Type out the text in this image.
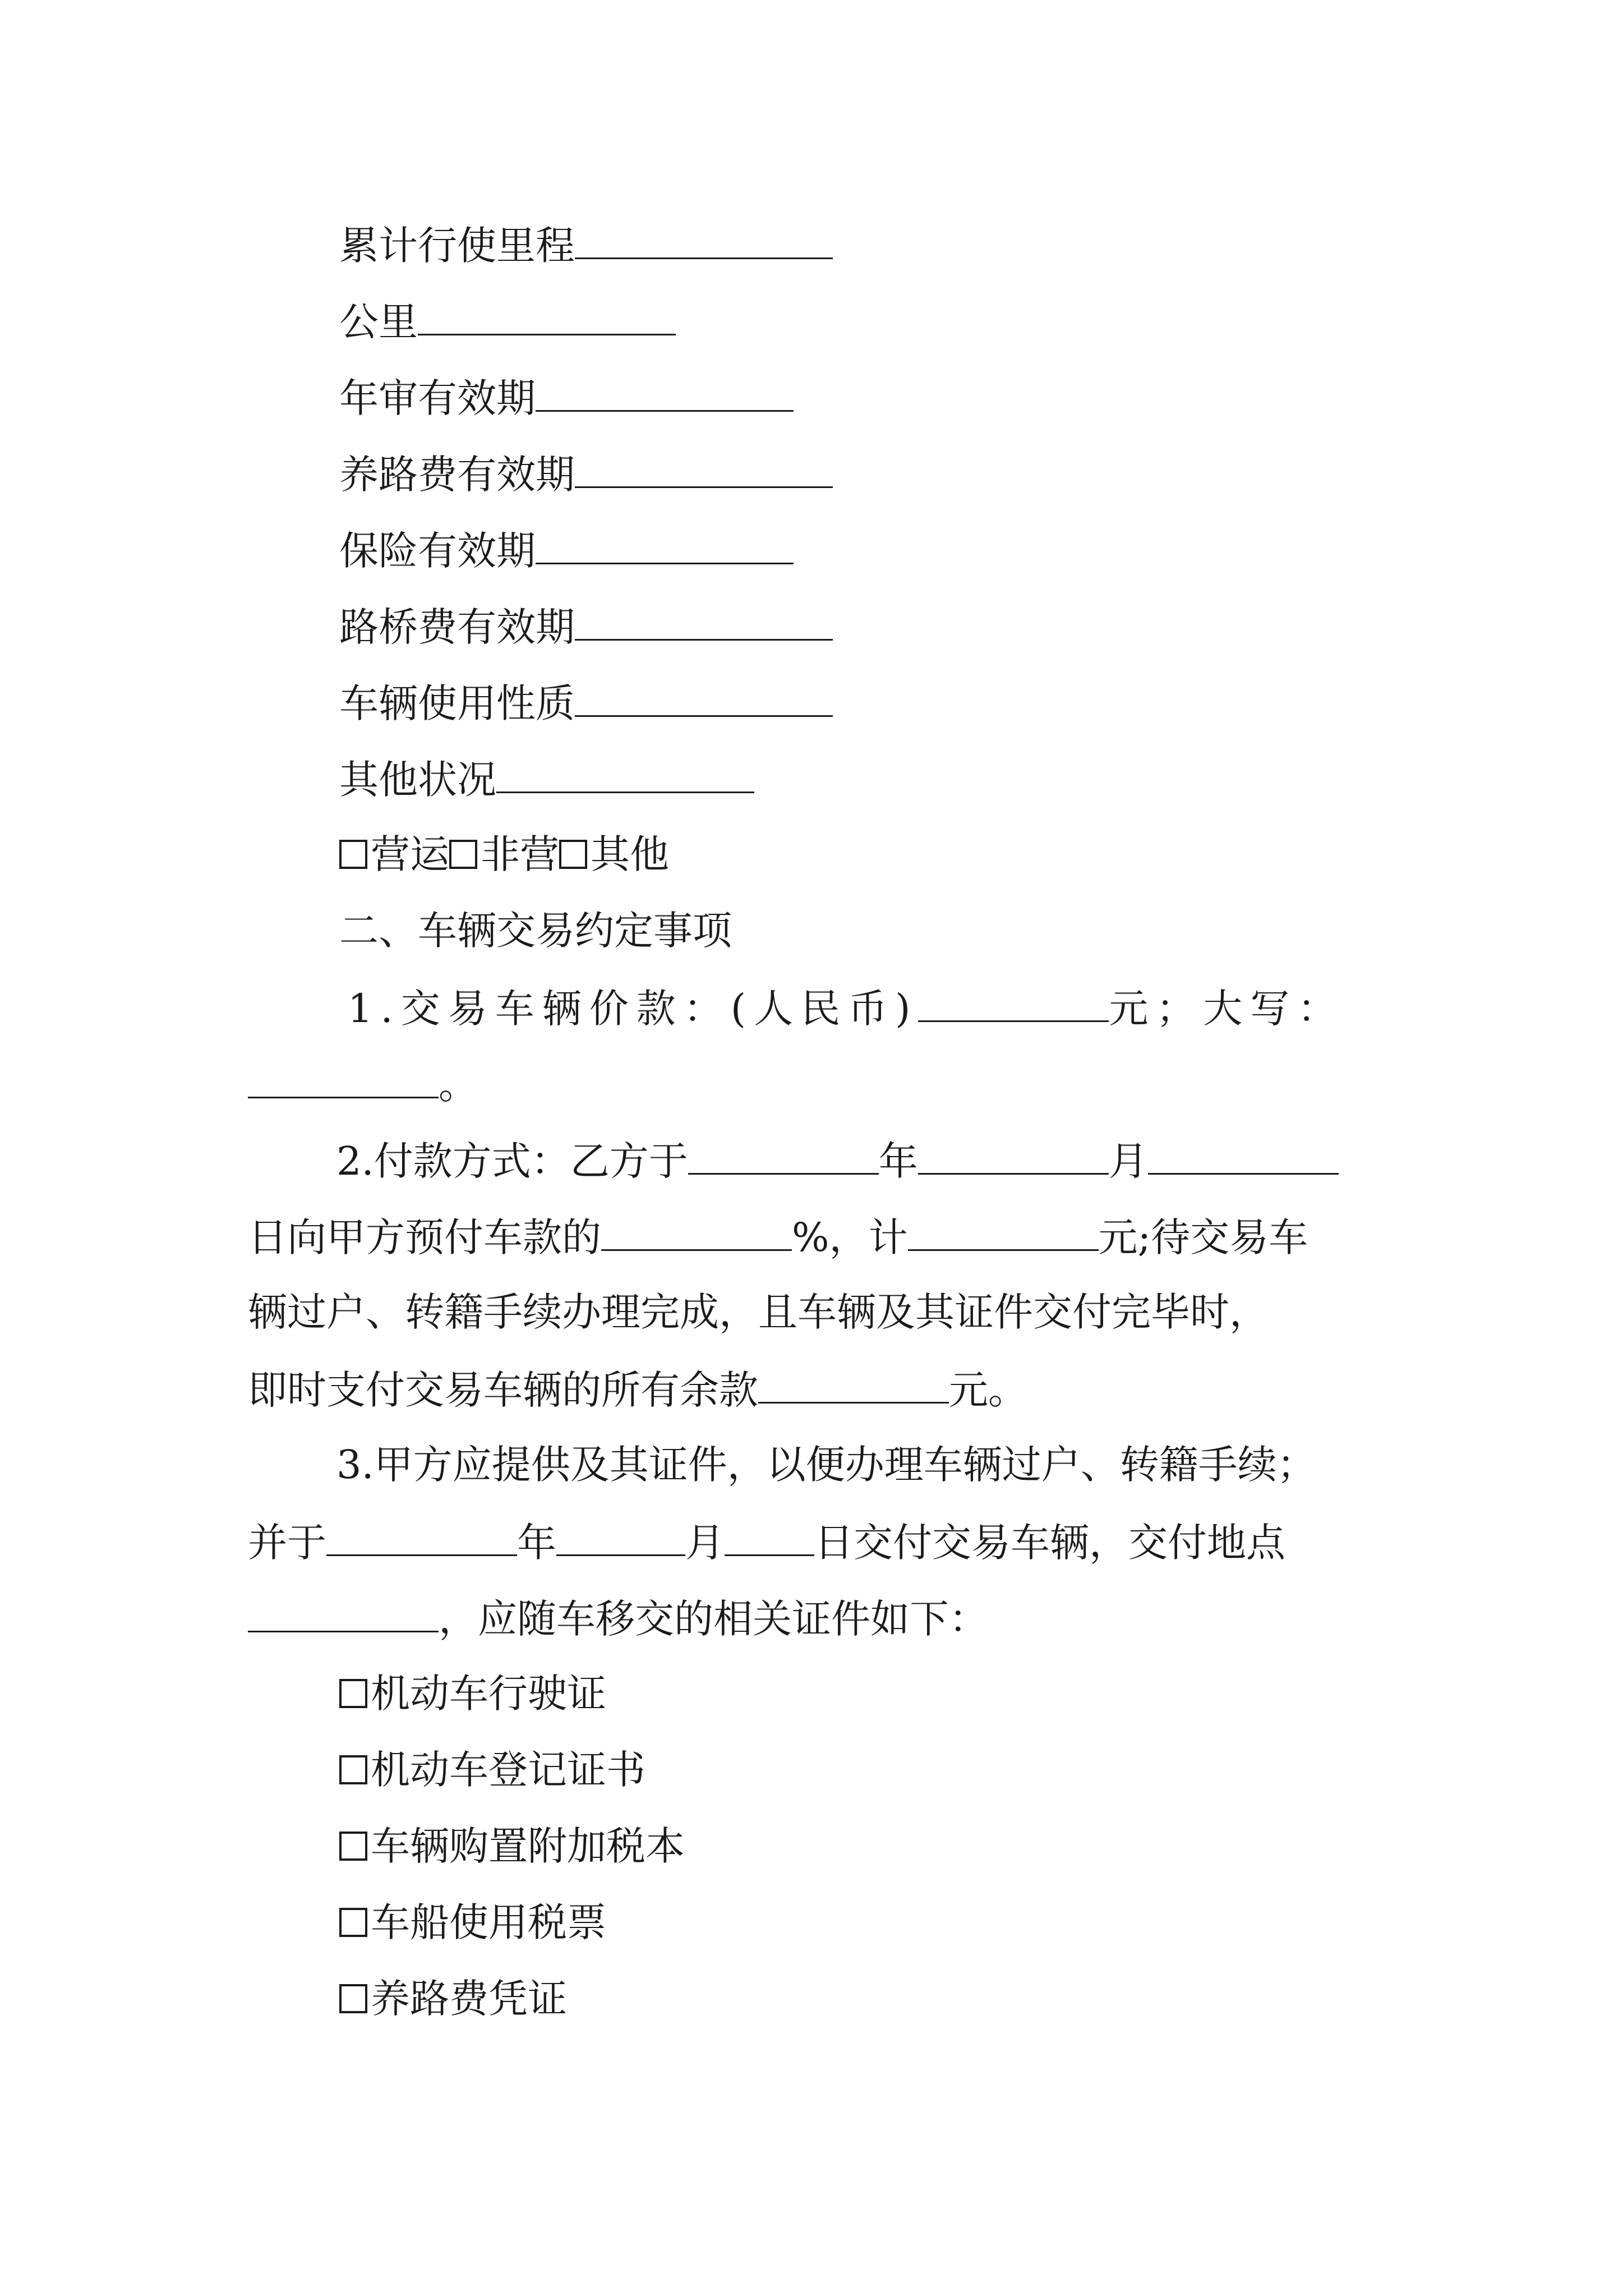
累计行使里程
公里
年审有效期
养路费有效期
保险有效期
路桥费有效期
车辆使用性质
其他状况
营运 非营 其他
二、车辆交易约定事项
1.交易车辆价款：(人民币)	元；大写：
。
2.付款方式：乙方于	年	月
日向甲方预付车款的	%，计	元;待交易车
辆过户、转籍手续办理完成，且车辆及其证件交付完毕时，
即时支付交易车辆的所有余款	元。
3.甲方应提供及其证件，以便办理车辆过户、转籍手续；
并于	年	月 日交付交易车辆，交付地点
，应随车移交的相关证件如下：
机动车行驶证
机动车登记证书
车辆购置附加税本
车船使用税票
养路费凭证
